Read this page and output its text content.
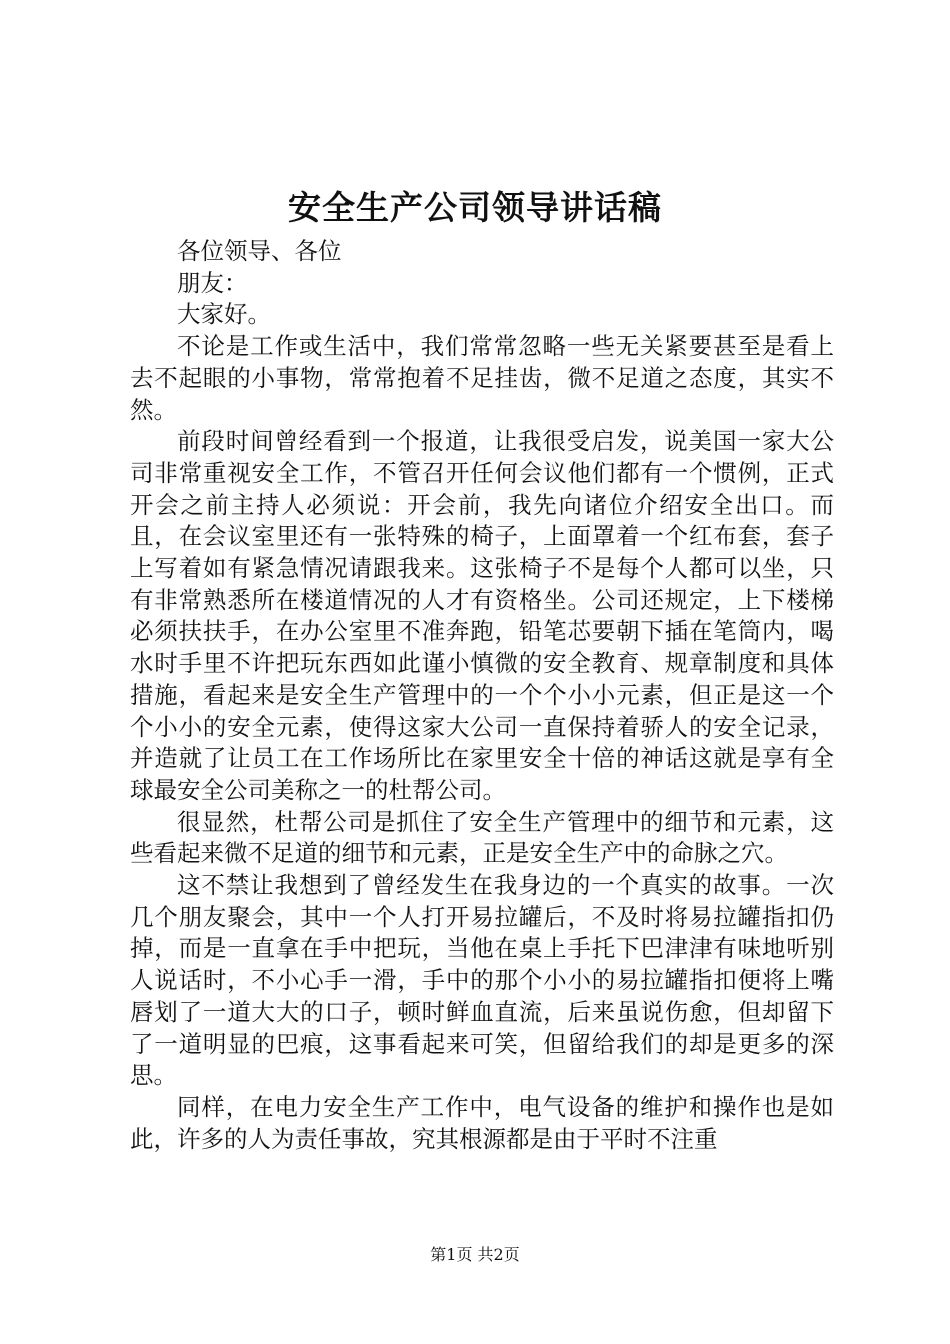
安全生产公司领导讲话稿

各位领导、各位

朋友：

大家好。

不论是工作或生活中，我们常常忽略一些无关紧要甚至是看上去不起眼的小事物，常常抱着不足挂齿，微不足道之态度，其实不然。

前段时间曾经看到一个报道，让我很受启发，说美国一家大公司非常重视安全工作，不管召开任何会议他们都有一个惯例，正式开会之前主持人必须说：开会前，我先向诸位介绍安全出口。而且，在会议室里还有一张特殊的椅子，上面罩着一个红布套，套子上写着如有紧急情况请跟我来。这张椅子不是每个人都可以坐，只有非常熟悉所在楼道情况的人才有资格坐。公司还规定，上下楼梯必须扶扶手，在办公室里不准奔跑，铅笔芯要朝下插在笔筒内，喝水时手里不许把玩东西如此谨小慎微的安全教育、规章制度和具体措施，看起来是安全生产管理中的一个个小小元素，但正是这一个个小小的安全元素，使得这家大公司一直保持着骄人的安全记录，并造就了让员工在工作场所比在家里安全十倍的神话这就是享有全球最安全公司美称之一的杜帮公司。

很显然，杜帮公司是抓住了安全生产管理中的细节和元素，这些看起来微不足道的细节和元素，正是安全生产中的命脉之穴。

这不禁让我想到了曾经发生在我身边的一个真实的故事。一次几个朋友聚会，其中一个人打开易拉罐后，不及时将易拉罐指扣仍掉，而是一直拿在手中把玩，当他在桌上手托下巴津津有味地听别人说话时，不小心手一滑，手中的那个小小的易拉罐指扣便将上嘴唇划了一道大大的口子，顿时鲜血直流，后来虽说伤愈，但却留下了一道明显的巴痕，这事看起来可笑，但留给我们的却是更多的深思。

同样，在电力安全生产工作中，电气设备的维护和操作也是如此，许多的人为责任事故，究其根源都是由于平时不注重

第1页 共2页
